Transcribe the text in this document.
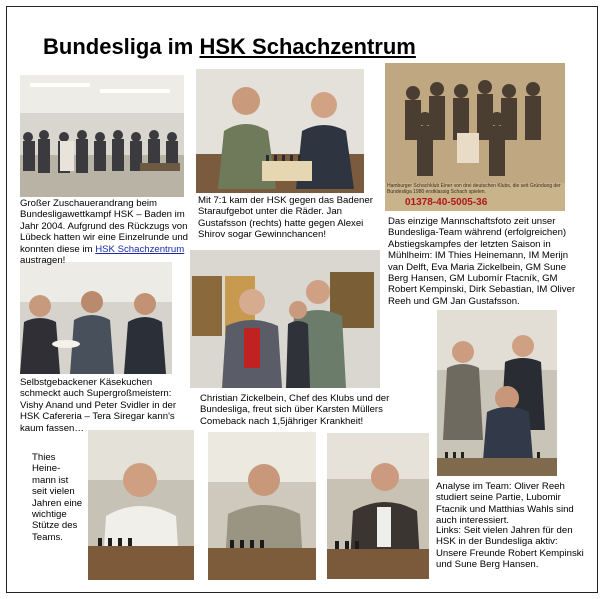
Bundesliga im HSK Schachzentrum
Hamburger Schachklub Einer von drei deutschen Klubs, die seit Gründung der Bundesliga 1980 erstklassig Schach spielen.
01378-40-5005-36
Großer Zuschauerandrang beim Bundesligawettkampf HSK – Baden im Jahr 2004. Aufgrund des Rückzugs von Lübeck hatten wir eine Einzelrunde und konnten diese im HSK Schachzentrum austragen!
Mit 7:1 kam der HSK gegen das Badener Staraufgebot unter die Räder. Jan Gustafsson (rechts) hatte gegen Alexei Shirov sogar Gewinnchancen!
Das einzige Mannschaftsfoto zeit unser Bundesliga-Team während (erfolgreichen) Abstiegskampfes der letzten Saison in Mühlheim: IM Thies Heinemann, IM Merijn van Delft, Eva Maria Zickelbein, GM Sune Berg Hansen, GM Lubomír Ftacník, GM Robert Kempinski, Dirk Sebastian, IM Oliver Reeh und GM Jan Gustafsson.
Selbstgebackener Käsekuchen schmeckt auch Supergroßmeistern: Vishy Anand und Peter Svidler in der HSK Cafereria – Tera Siregar kann's kaum fassen…
Christian Zickelbein, Chef des Klubs und der Bundesliga, freut sich über Karsten Müllers Comeback nach 1,5jähriger Krankheit!
Analyse im Team: Oliver Reeh studiert seine Partie, Lubomir Ftacnik und Matthias Wahls sind auch interessiert.
Links: Seit vielen Jahren für den HSK in der Bundesliga aktiv: Unsere Freunde Robert Kempinski und Sune Berg Hansen.
Thies Heine-mann ist seit vielen Jahren eine wichtige Stütze des Teams.
